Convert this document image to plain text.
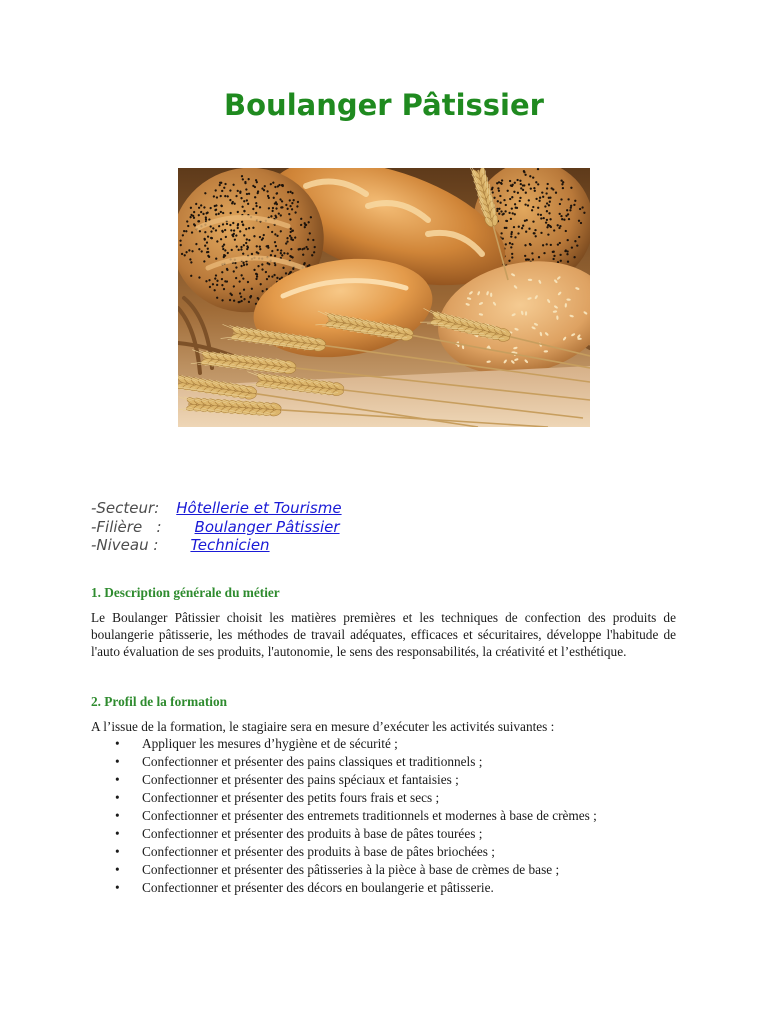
Boulanger Pâtissier
-Secteur: Hôtellerie et Tourisme
-Filière   : Boulanger Pâtissier
-Niveau : Technicien
1. Description générale du métier

Le Boulanger Pâtissier choisit les matières premières et les techniques de confection des produits de boulangerie pâtisserie, les méthodes de travail adéquates, efficaces et sécuritaires, développe l'habitude de l'auto évaluation de ses produits, l'autonomie, le sens des responsabilités, la créativité et l’esthétique.

2. Profil de la formation

A l’issue de la formation, le stagiaire sera en mesure d’exécuter les activités suivantes :

• Appliquer les mesures d’hygiène et de sécurité ;
• Confectionner et présenter des pains classiques et traditionnels ;
• Confectionner et présenter des pains spéciaux et fantaisies ;
• Confectionner et présenter des petits fours frais et secs ;
• Confectionner et présenter des entremets traditionnels et modernes à base de crèmes ;
• Confectionner et présenter des produits à base de pâtes tourées ;
• Confectionner et présenter des produits à base de pâtes briochées ;
• Confectionner et présenter des pâtisseries à la pièce à base de crèmes de base ;
• Confectionner et présenter des décors en boulangerie et pâtisserie.
